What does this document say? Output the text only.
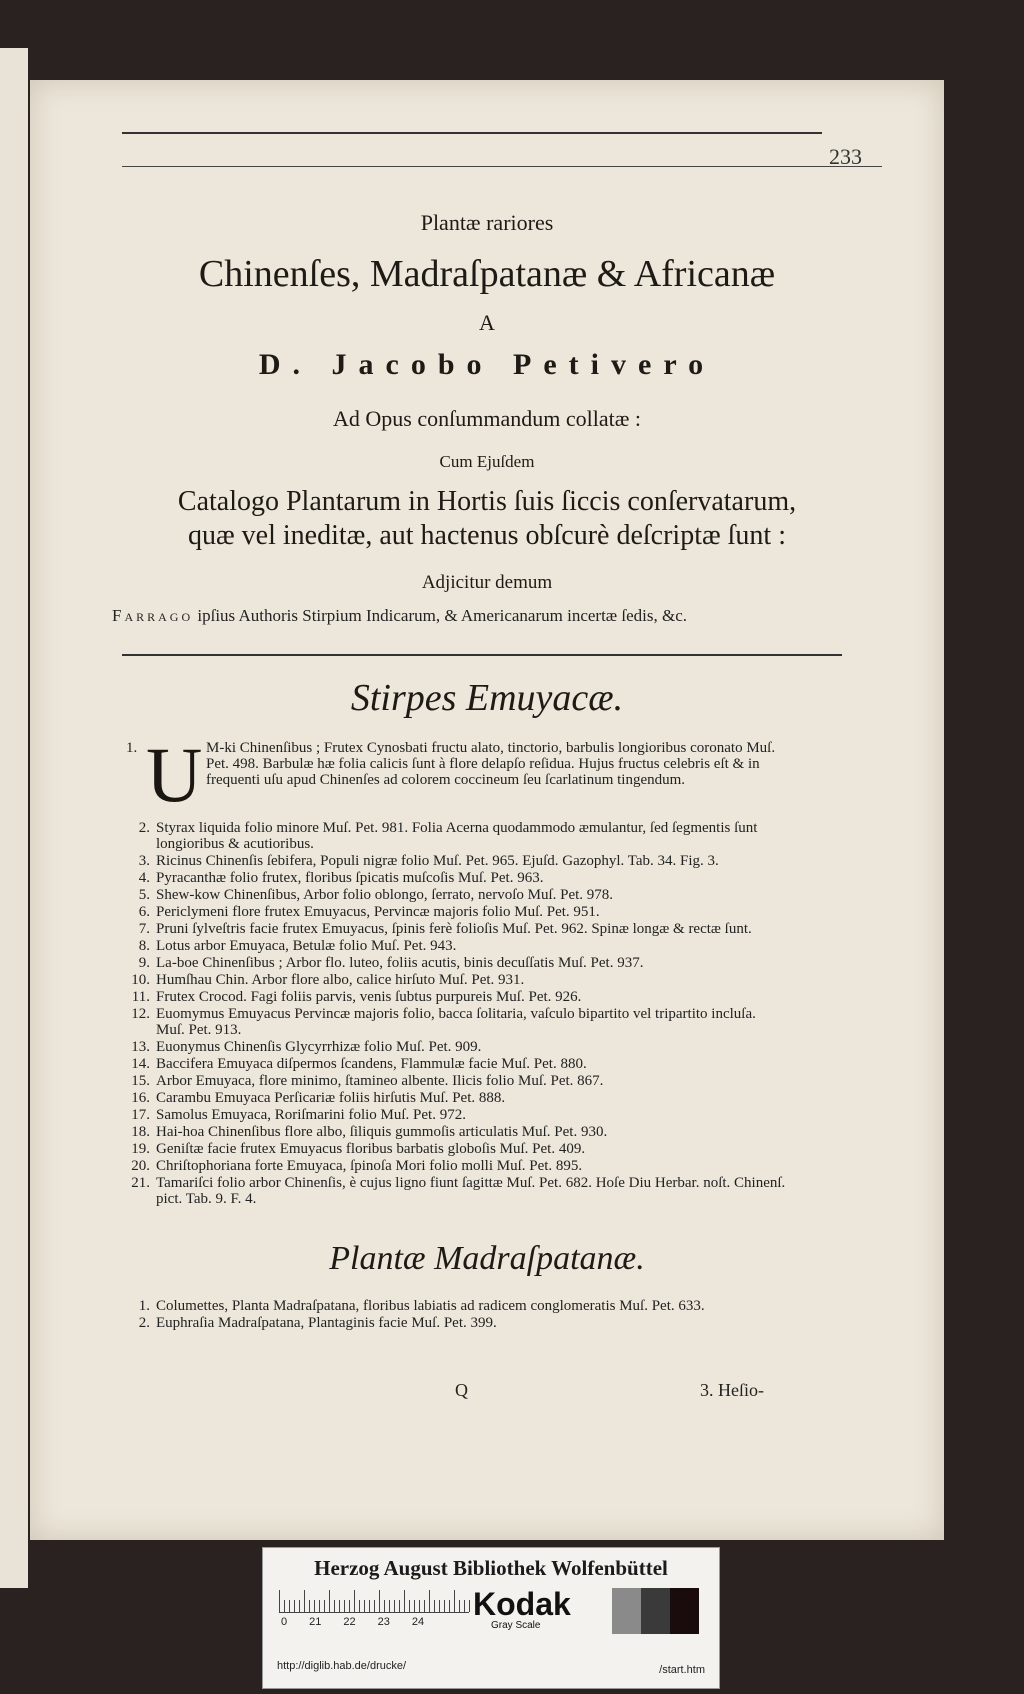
233
Plantæ rariores
Chinenſes, Madraſpatanæ & Africanæ
A
D. Jacobo Petivero
Ad Opus conſummandum collatæ :
Cum Ejuſdem
Catalogo Plantarum in Hortis ſuis ſiccis conſervatarum,
quæ vel ineditæ, aut hactenus obſcurè deſcriptæ ſunt :
Adjicitur demum
Farrago ipſius Authoris Stirpium Indicarum, & Americanarum incertæ ſedis, &c.
Stirpes Emuyacæ.
1. U M-ki Chinenſibus ; Frutex Cynosbati fructu alato, tinctorio, barbulis longioribus coronato Muſ. Pet. 498. Barbulæ hæ folia calicis ſunt à flore delapſo reſidua. Hujus fructus celebris eſt & in frequenti uſu apud Chinenſes ad colorem coccineum ſeu ſcarlatinum tingendum.
2. Styrax liquida folio minore Muſ. Pet. 981. Folia Acerna quodammodo æmulantur, ſed ſegmentis ſunt longioribus & acutioribus.
3. Ricinus Chinenſis ſebifera, Populi nigræ folio Muſ. Pet. 965. Ejuſd. Gazophyl. Tab. 34. Fig. 3.
4. Pyracanthæ folio frutex, floribus ſpicatis muſcoſis Muſ. Pet. 963.
5. Shew-kow Chinenſibus, Arbor folio oblongo, ſerrato, nervoſo Muſ. Pet. 978.
6. Periclymeni flore frutex Emuyacus, Pervincæ majoris folio Muſ. Pet. 951.
7. Pruni ſylveſtris facie frutex Emuyacus, ſpinis ferè folioſis Muſ. Pet. 962. Spinæ longæ & rectæ ſunt.
8. Lotus arbor Emuyaca, Betulæ folio Muſ. Pet. 943.
9. La-boe Chinenſibus ; Arbor flo. luteo, foliis acutis, binis decuſſatis Muſ. Pet. 937.
10. Humſhau Chin. Arbor flore albo, calice hirſuto Muſ. Pet. 931.
11. Frutex Crocod. Fagi foliis parvis, venis ſubtus purpureis Muſ. Pet. 926.
12. Euomymus Emuyacus Pervincæ majoris folio, bacca ſolitaria, vaſculo bipartito vel tripartito incluſa. Muſ. Pet. 913.
13. Euonymus Chinenſis Glycyrrhizæ folio Muſ. Pet. 909.
14. Baccifera Emuyaca diſpermos ſcandens, Flammulæ facie Muſ. Pet. 880.
15. Arbor Emuyaca, flore minimo, ſtamineo albente. Ilicis folio Muſ. Pet. 867.
16. Carambu Emuyaca Perſicariæ foliis hirſutis Muſ. Pet. 888.
17. Samolus Emuyaca, Roriſmarini folio Muſ. Pet. 972.
18. Hai-hoa Chinenſibus flore albo, ſiliquis gummoſis articulatis Muſ. Pet. 930.
19. Geniſtæ facie frutex Emuyacus floribus barbatis globoſis Muſ. Pet. 409.
20. Chriſtophoriana forte Emuyaca, ſpinoſa Mori folio molli Muſ. Pet. 895.
21. Tamariſci folio arbor Chinenſis, è cujus ligno fiunt ſagittæ Muſ. Pet. 682. Hoſe Diu Herbar. noſt. Chinenſ. pict. Tab. 9. F. 4.
Plantæ Madraſpatanæ.
1. Columettes, Planta Madraſpatana, floribus labiatis ad radicem conglomeratis Muſ. Pet. 633.
2. Euphraſia Madraſpatana, Plantaginis facie Muſ. Pet. 399.
Q	3. Heſio-
Herzog August Bibliothek Wolfenbüttel
0 21 22 23 24	Kodak
Gray Scale
http://diglib.hab.de/drucke/	/start.htm
